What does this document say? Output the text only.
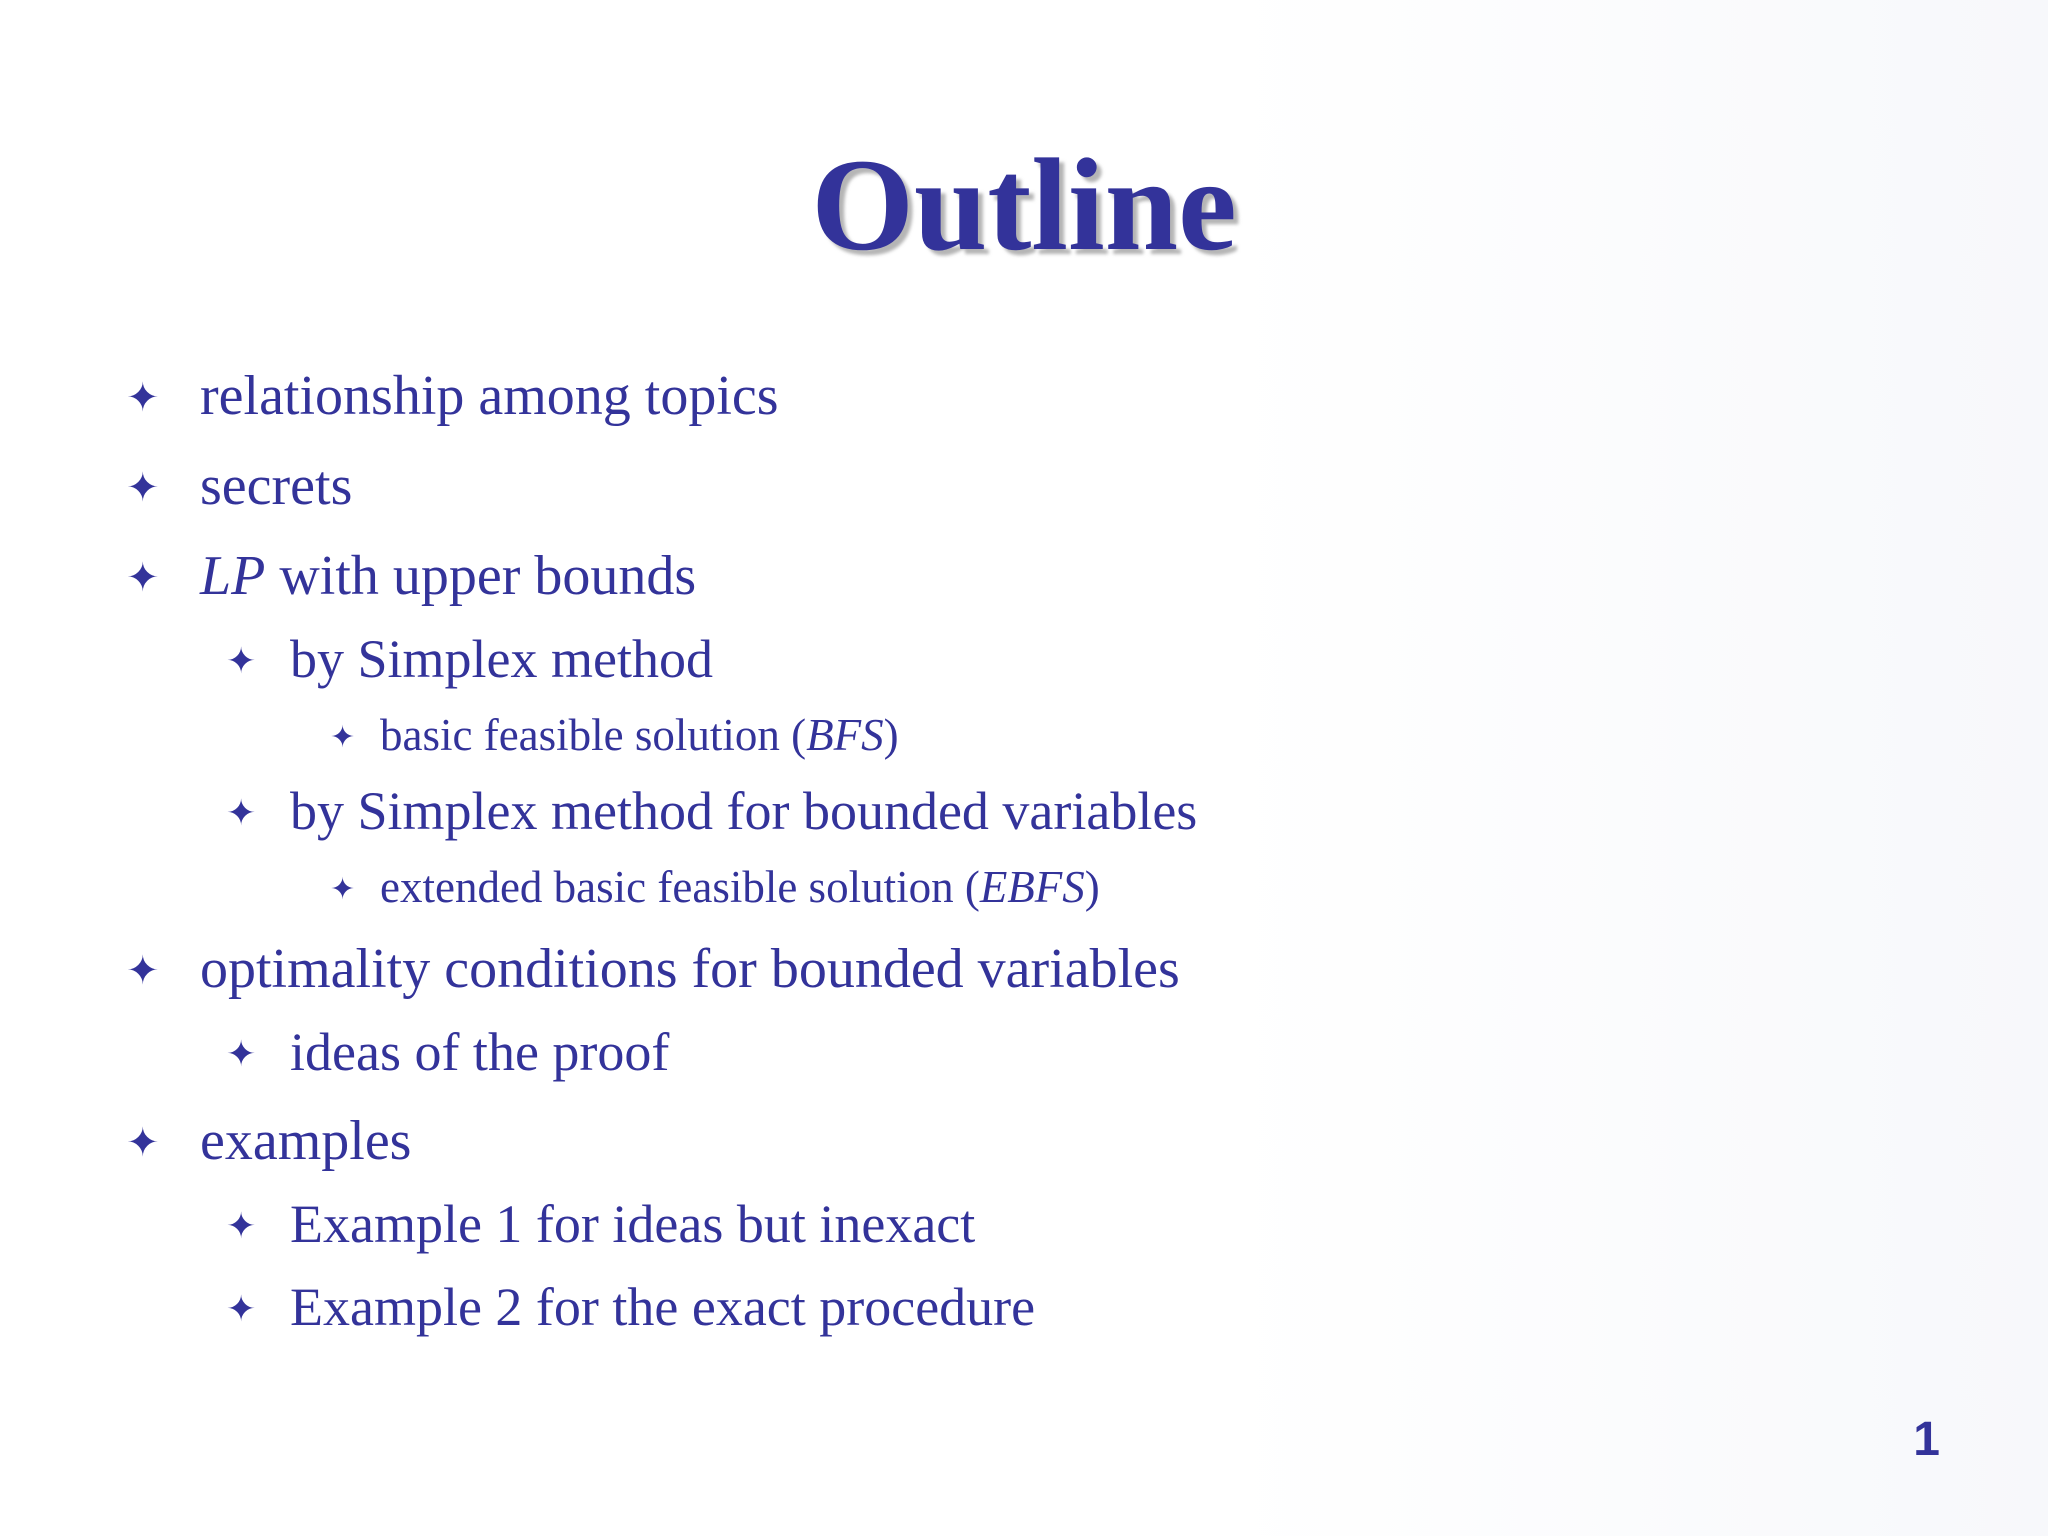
Outline
✦ relationship among topics
✦ secrets
✦ LP with upper bounds
✦ by Simplex method
✦ basic feasible solution (BFS)
✦ by Simplex method for bounded variables
✦ extended basic feasible solution (EBFS)
✦ optimality conditions for bounded variables
✦ ideas of the proof
✦ examples
✦ Example 1 for ideas but inexact
✦ Example 2 for the exact procedure
1
